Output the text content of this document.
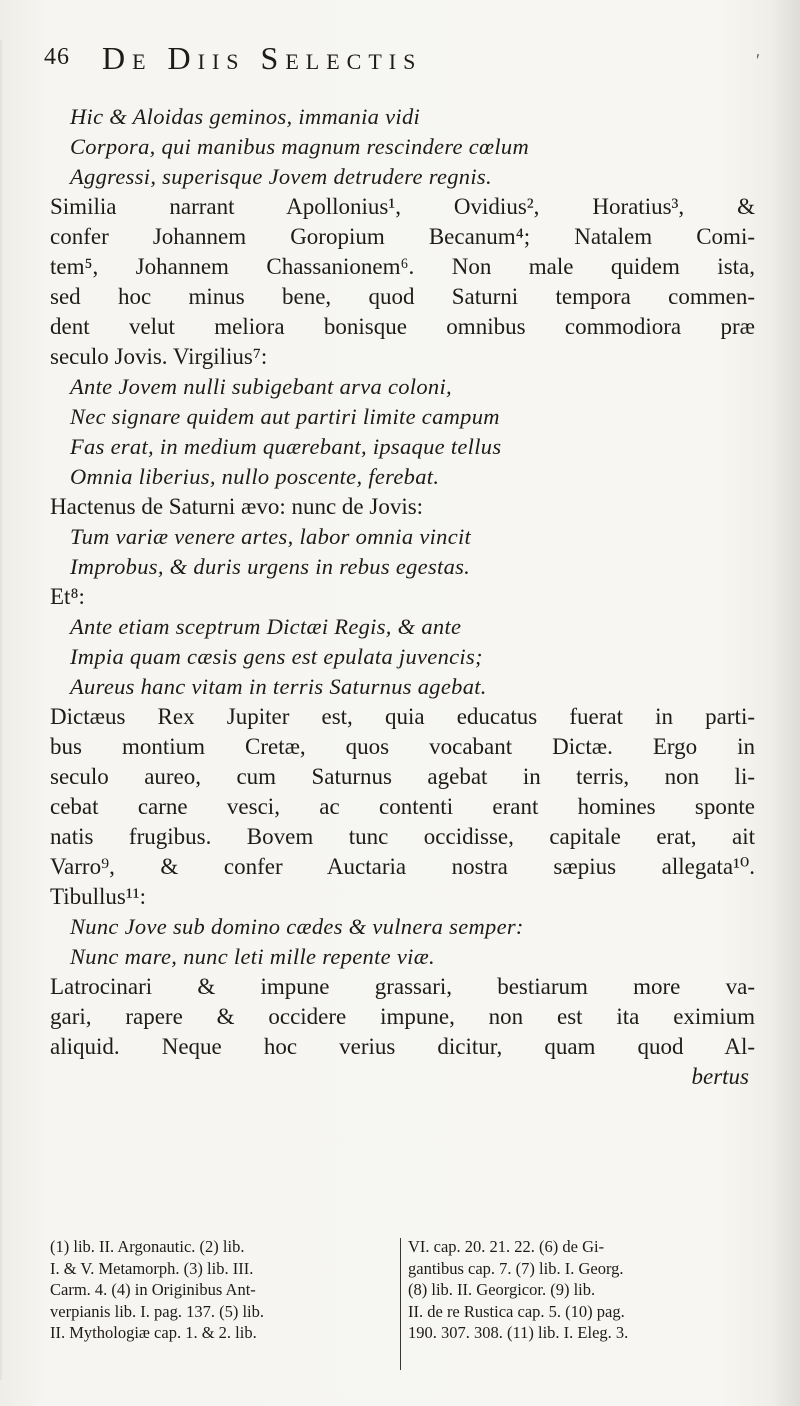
46 De Diis Selectis	ʹ
Hic & Aloidas geminos, immania vidi
Corpora, qui manibus magnum rescindere cœlum
Aggressi, superisque Jovem detrudere regnis.
Similia narrant Apollonius¹, Ovidius², Horatius³, &
confer Johannem Goropium Becanum⁴; Natalem Comi-
tem⁵, Johannem Chassanionem⁶. Non male quidem ista,
sed hoc minus bene, quod Saturni tempora commen-
dent velut meliora bonisque omnibus commodiora præ
seculo Jovis. Virgilius⁷:
Ante Jovem nulli subigebant arva coloni,
Nec signare quidem aut partiri limite campum
Fas erat, in medium quærebant, ipsaque tellus
Omnia liberius, nullo poscente, ferebat.
Hactenus de Saturni ævo: nunc de Jovis:
Tum variæ venere artes, labor omnia vincit
Improbus, & duris urgens in rebus egestas.
Et⁸:
Ante etiam sceptrum Dictæi Regis, & ante
Impia quam cæsis gens est epulata juvencis;
Aureus hanc vitam in terris Saturnus agebat.
Dictæus Rex Jupiter est, quia educatus fuerat in parti-
bus montium Cretæ, quos vocabant Dictæ. Ergo in
seculo aureo, cum Saturnus agebat in terris, non li-
cebat carne vesci, ac contenti erant homines sponte
natis frugibus. Bovem tunc occidisse, capitale erat, ait
Varro⁹, & confer Auctaria nostra sæpius allegata¹⁰.
Tibullus¹¹:
Nunc Jove sub domino cædes & vulnera semper:
Nunc mare, nunc leti mille repente viæ.
Latrocinari & impune grassari, bestiarum more va-
gari, rapere & occidere impune, non est ita eximium
aliquid. Neque hoc verius dicitur, quam quod Al-
bertus
(1) lib. II. Argonautic. (2) lib.
I. & V. Metamorph. (3) lib. III.
Carm. 4. (4) in Originibus Ant-
verpianis lib. I. pag. 137. (5) lib.
II. Mythologiæ cap. 1. & 2. lib.
VI. cap. 20. 21. 22. (6) de Gi-
gantibus cap. 7. (7) lib. I. Georg.
(8) lib. II. Georgicor. (9) lib.
II. de re Rustica cap. 5. (10) pag.
190. 307. 308. (11) lib. I. Eleg. 3.
